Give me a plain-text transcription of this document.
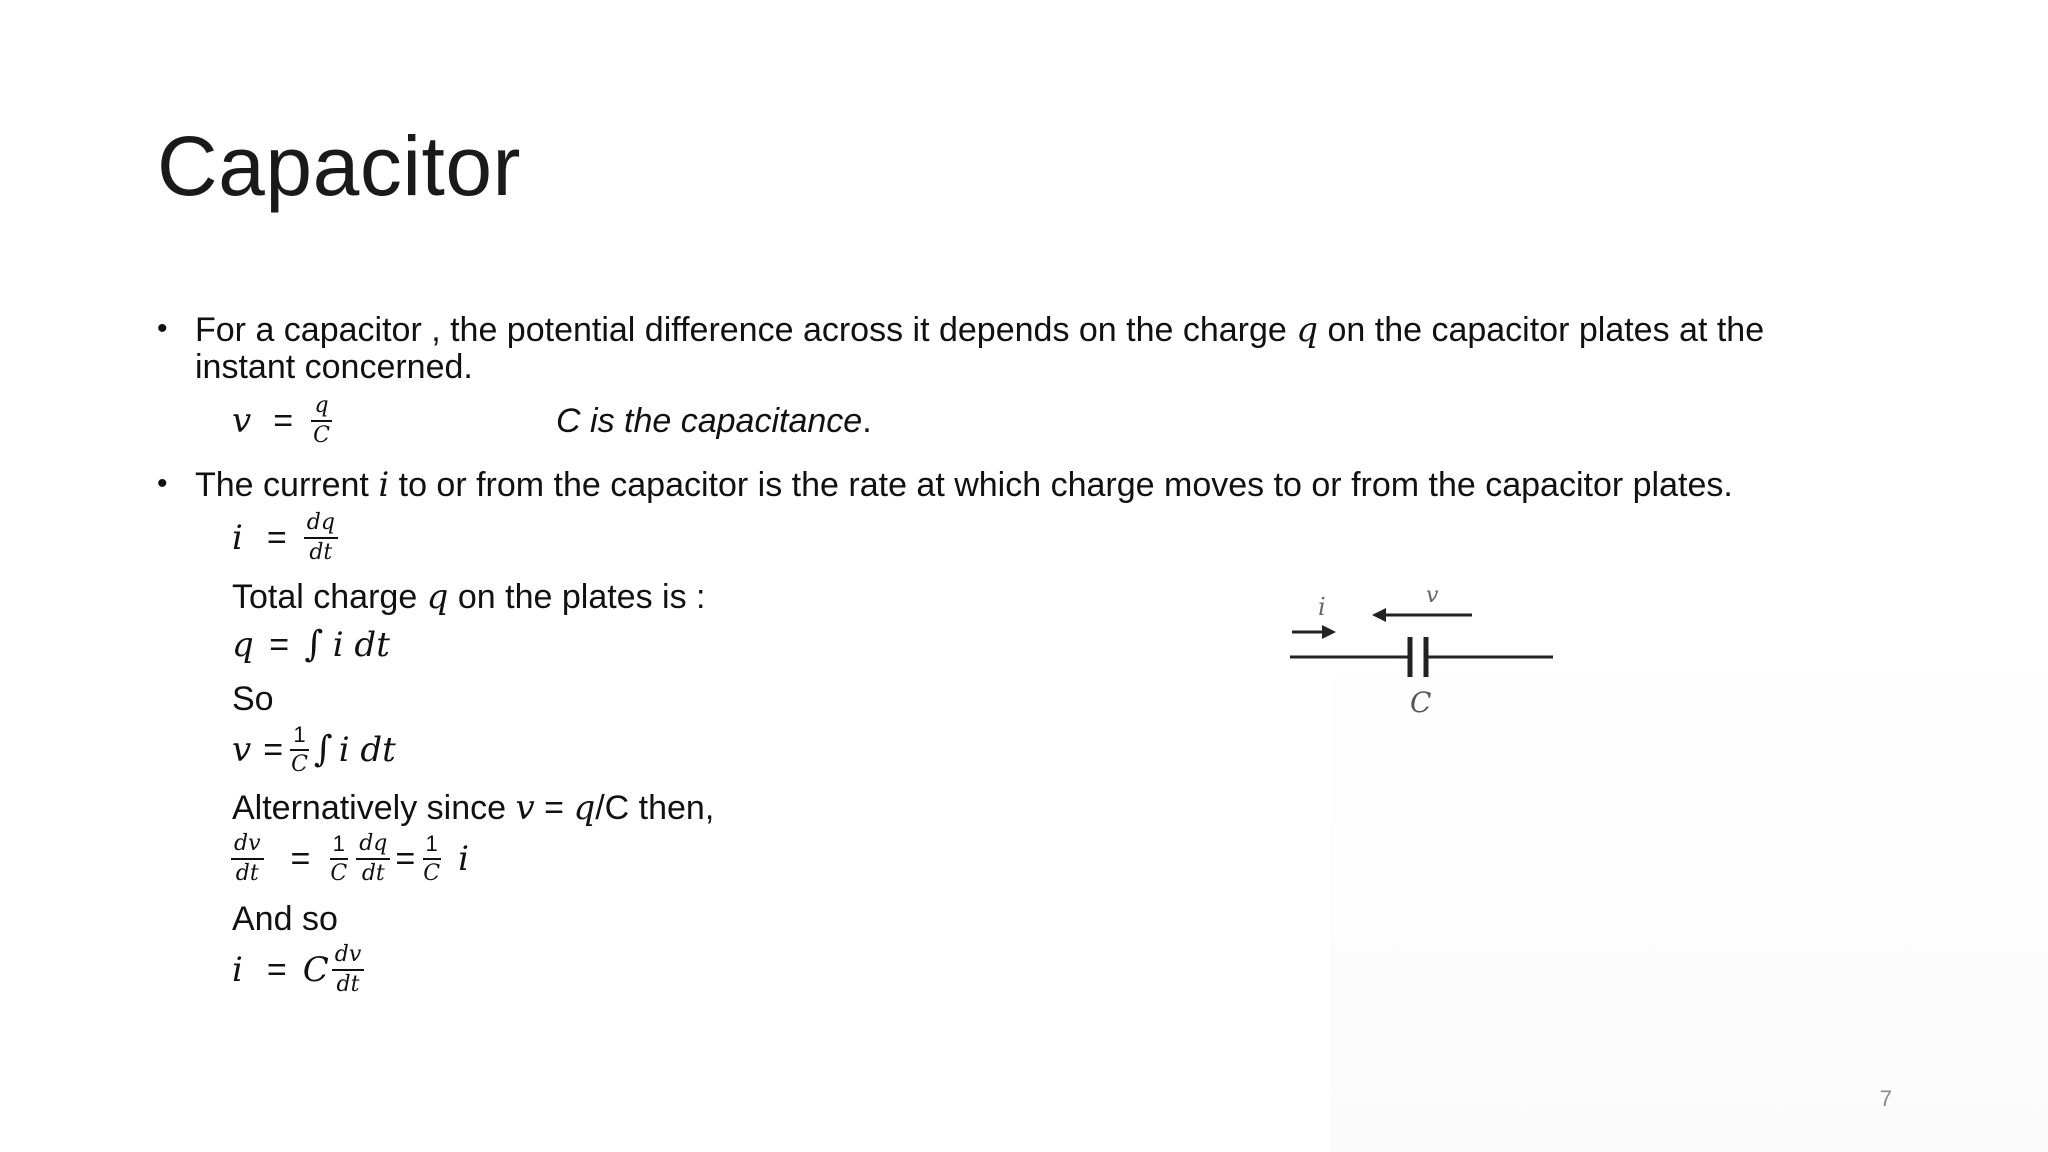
Capacitor
• For a capacitor , the potential difference across it depends on the charge q on the capacitor plates at the
instant concerned.
$v = \frac{q}{C}$	C is the capacitance.
• The current i to or from the capacitor is the rate at which charge moves to or from the capacitor plates.
$i = \frac{dq}{dt}$
Total charge q on the plates is :
q = ∫ i dt
So
$v = \frac{1}{C}$ ∫ i dt
Alternatively since v = q/C then,
$\frac{dv}{dt} = \frac{1}{C} \frac{dq}{dt} = \frac{1}{C}$ i
And so
i = C $\frac{dv}{dt}$
i	v
C
7
